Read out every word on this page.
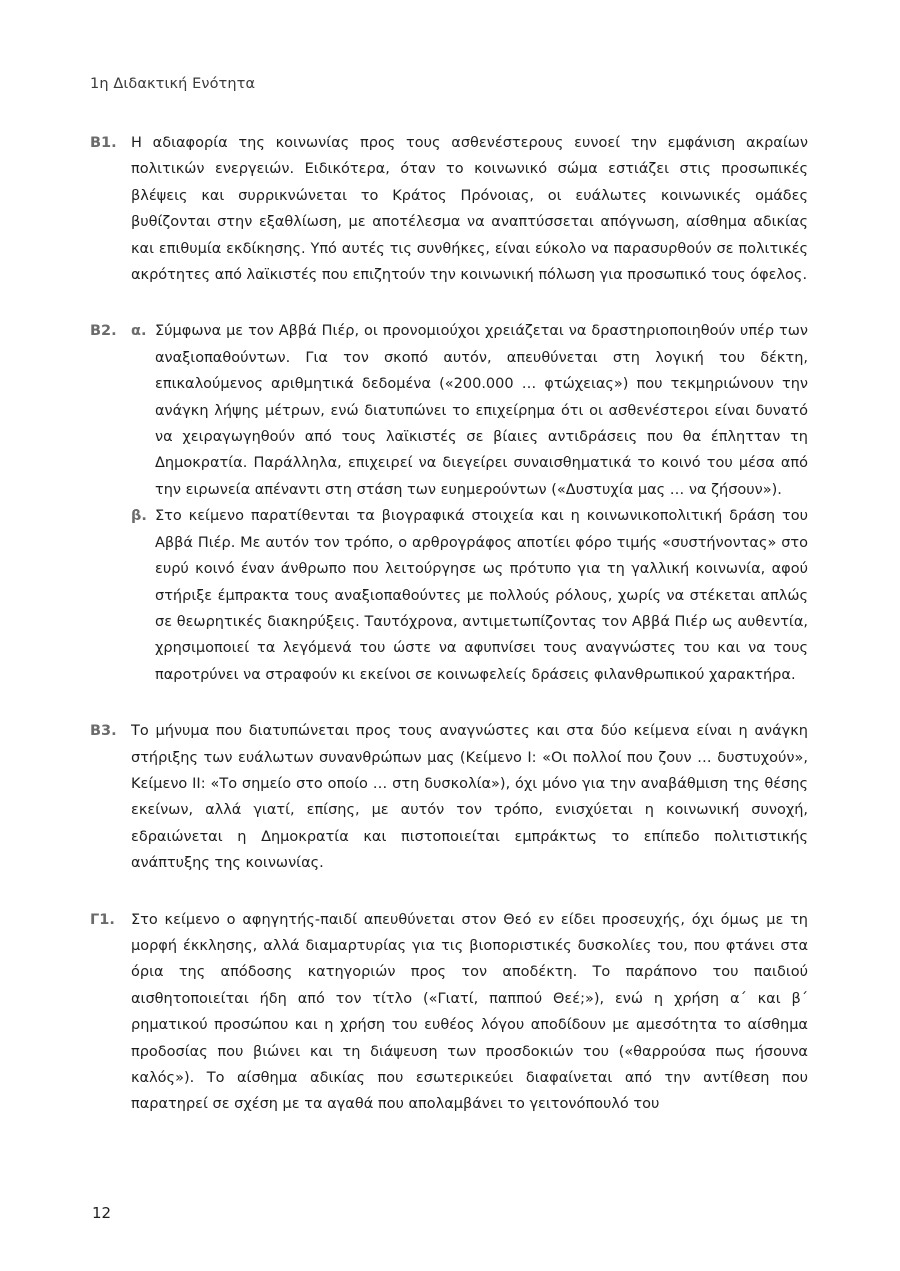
1η Διδακτική Ενότητα
Β1. Η αδιαφορία της κοινωνίας προς τους ασθενέστερους ευνοεί την εμφάνιση ακραίων πολιτικών ενεργειών. Ειδικότερα, όταν το κοινωνικό σώμα εστιάζει στις προσωπικές βλέψεις και συρρικνώνεται το Κράτος Πρόνοιας, οι ευάλωτες κοινωνικές ομάδες βυθίζονται στην εξαθλίωση, με αποτέλεσμα να αναπτύσσεται απόγνωση, αίσθημα αδικίας και επιθυμία εκδίκησης. Υπό αυτές τις συνθήκες, είναι εύκολο να παρασυρθούν σε πολιτικές ακρότητες από λαϊκιστές που επιζητούν την κοινωνική πόλωση για προσωπικό τους όφελος.

Β2. α. Σύμφωνα με τον Αββά Πιέρ, οι προνομιούχοι χρειάζεται να δραστηριοποιηθούν υπέρ των αναξιοπαθούντων. Για τον σκοπό αυτόν, απευθύνεται στη λογική του δέκτη, επικαλούμενος αριθμητικά δεδομένα («200.000 … φτώχειας») που τεκμηριώνουν την ανάγκη λήψης μέτρων, ενώ διατυπώνει το επιχείρημα ότι οι ασθενέστεροι είναι δυνατό να χειραγωγηθούν από τους λαϊκιστές σε βίαιες αντιδράσεις που θα έπλητταν τη Δημοκρατία. Παράλληλα, επιχειρεί να διεγείρει συναισθηματικά το κοινό του μέσα από την ειρωνεία απέναντι στη στάση των ευημερούντων («Δυστυχία μας … να ζήσουν»).

β. Στο κείμενο παρατίθενται τα βιογραφικά στοιχεία και η κοινωνικοπολιτική δράση του Αββά Πιέρ. Με αυτόν τον τρόπο, ο αρθρογράφος αποτίει φόρο τιμής «συστήνοντας» στο ευρύ κοινό έναν άνθρωπο που λειτούργησε ως πρότυπο για τη γαλλική κοινωνία, αφού στήριξε έμπρακτα τους αναξιοπαθούντες με πολλούς ρόλους, χωρίς να στέκεται απλώς σε θεωρητικές διακηρύξεις. Ταυτόχρονα, αντιμετωπίζοντας τον Αββά Πιέρ ως αυθεντία, χρησιμοποιεί τα λεγόμενά του ώστε να αφυπνίσει τους αναγνώστες του και να τους παροτρύνει να στραφούν κι εκείνοι σε κοινωφελείς δράσεις φιλανθρωπικού χαρακτήρα.

Β3. Το μήνυμα που διατυπώνεται προς τους αναγνώστες και στα δύο κείμενα είναι η ανάγκη στήριξης των ευάλωτων συνανθρώπων μας (Κείμενο Ι: «Οι πολλοί που ζουν … δυστυχούν», Κείμενο ΙΙ: «Το σημείο στο οποίο … στη δυσκολία»), όχι μόνο για την αναβάθμιση της θέσης εκείνων, αλλά γιατί, επίσης, με αυτόν τον τρόπο, ενισχύεται η κοινωνική συνοχή, εδραιώνεται η Δημοκρατία και πιστοποιείται εμπράκτως το επίπεδο πολιτιστικής ανάπτυξης της κοινωνίας.

Γ1.	Στο κείμενο ο αφηγητής-παιδί απευθύνεται στον Θεό εν είδει προσευχής, όχι όμως με τη μορφή έκκλησης, αλλά διαμαρτυρίας για τις βιοποριστικές δυσκολίες του, που φτάνει στα όρια της απόδοσης κατηγοριών προς τον αποδέκτη. Το παράπονο του παιδιού αισθητοποιείται ήδη από τον τίτλο («Γιατί, παππού Θεέ;»), ενώ η χρήση α΄ και β΄ ρηματικού προσώπου και η χρήση του ευθέος λόγου αποδίδουν με αμεσότητα το αίσθημα προδοσίας που βιώνει και τη διάψευση των προσδοκιών του («θαρρούσα πως ήσουνα καλός»). Το αίσθημα αδικίας που εσωτερικεύει διαφαίνεται από την αντίθεση που παρατηρεί σε σχέση με τα αγαθά που απολαμβάνει το γειτονόπουλό του

12
